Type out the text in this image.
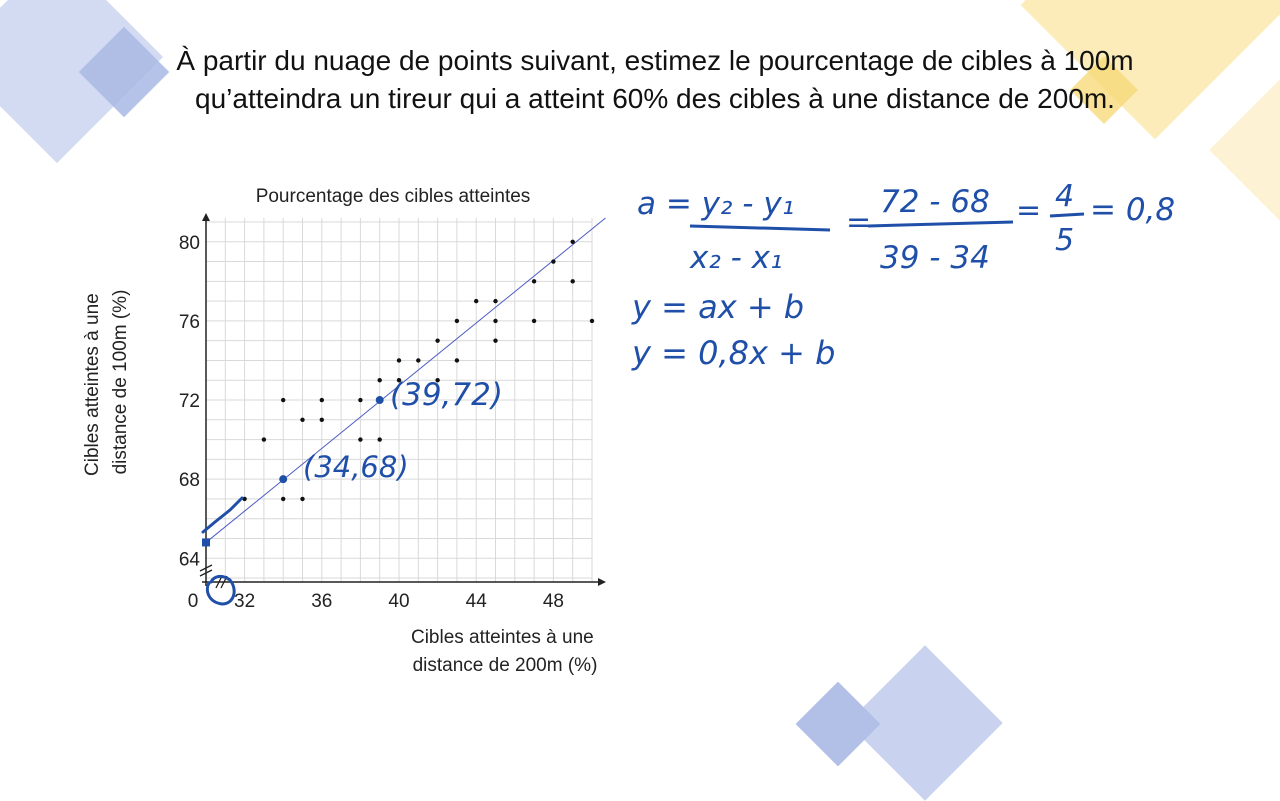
À partir du nuage de points suivant, estimez le pourcentage de cibles à 100m qu’atteindra un tireur qui a atteint 60% des cibles à une distance de 200m.
Pourcentage des cibles atteintes
32	36	40	44	48
64
68
72
76
80
0
Cibles atteintes à une distance de 200m (%)
Cibles atteintes à une distance de 100m (%)	(34,68)
(39,72)
a = y₂ - y₁
x₂ - x₁
=
72 - 68
39 - 34
= 4
5
= 0,8
y = ax + b
y = 0,8x + b
